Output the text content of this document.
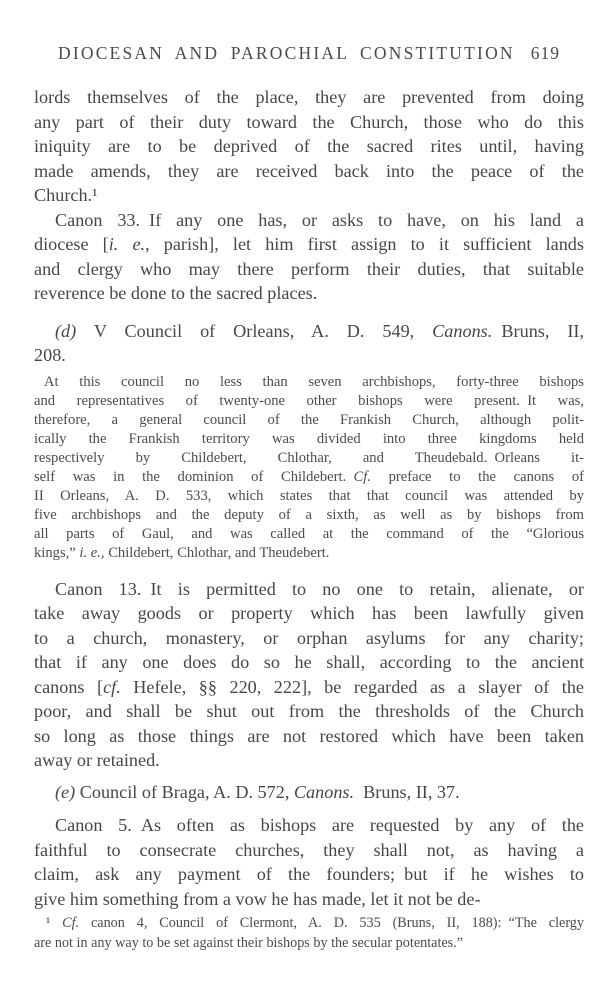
DIOCESAN AND PAROCHIAL CONSTITUTION 619
lords themselves of the place, they are prevented from doing
any part of their duty toward the Church, those who do this
iniquity are to be deprived of the sacred rites until, having
made amends, they are received back into the peace of the
Church.¹
Canon 33. If any one has, or asks to have, on his land a
diocese [i. e., parish], let him first assign to it sufficient lands
and clergy who may there perform their duties, that suitable
reverence be done to the sacred places.
(d) V Council of Orleans, A. D. 549, Canons. Bruns, II,
208.
At this council no less than seven archbishops, forty-three bishops
and representatives of twenty-one other bishops were present. It was,
therefore, a general council of the Frankish Church, although polit-
ically the Frankish territory was divided into three kingdoms held
respectively by Childebert, Chlothar, and Theudebald. Orleans it-
self was in the dominion of Childebert. Cf. preface to the canons of
II Orleans, A. D. 533, which states that that council was attended by
five archbishops and the deputy of a sixth, as well as by bishops from
all parts of Gaul, and was called at the command of the “Glorious
kings,” i. e., Childebert, Chlothar, and Theudebert.
Canon 13. It is permitted to no one to retain, alienate, or
take away goods or property which has been lawfully given
to a church, monastery, or orphan asylums for any charity;
that if any one does do so he shall, according to the ancient
canons [cf. Hefele, §§ 220, 222], be regarded as a slayer of the
poor, and shall be shut out from the thresholds of the Church
so long as those things are not restored which have been taken
away or retained.
(e) Council of Braga, A. D. 572, Canons. Bruns, II, 37.
Canon 5. As often as bishops are requested by any of the
faithful to consecrate churches, they shall not, as having a
claim, ask any payment of the founders; but if he wishes to
give him something from a vow he has made, let it not be de-
¹ Cf. canon 4, Council of Clermont, A. D. 535 (Bruns, II, 188): “The clergy
are not in any way to be set against their bishops by the secular potentates.”
